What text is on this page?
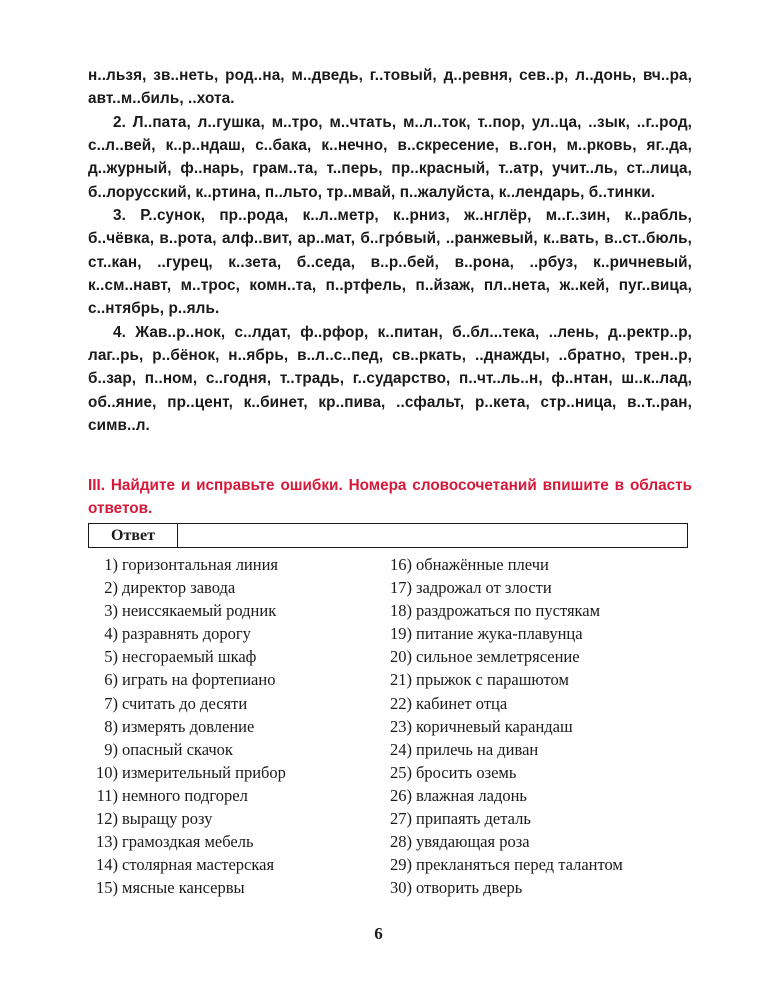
н..льзя, зв..неть, род..на, м..дведь, г..товый, д..ревня, сев..р, л..донь, вч..ра, авт..м..биль, ..хота.

2. Л..пата, л..гушка, м..тро, м..чтать, м..л..ток, т..пор, ул..ца, ..зык, ..г..род, с..л..вей, к..р..ндаш, с..бака, к..нечно, в..скресение, в..гон, м..рковь, яг..да, д..журный, ф..нарь, грам..та, т..перь, пр..красный, т..атр, учит..ль, ст..лица, б..лорусский, к..ртина, п..льто, тр..мвай, п..жалуйста, к..лендарь, б..тинки.

3. Р..сунок, пр..рода, к..л..метр, к..рниз, ж..нглёр, м..г..зин, к..рабль, б..чёвка, в..рота, алф..вит, ар..мат, б..грóвый, ..ранжевый, к..вать, в..ст..бюль, ст..кан, ..гурец, к..зета, б..седа, в..р..бей, в..рона, ..рбуз, к..ричневый, к..см..навт, м..трос, комн..та, п..ртфель, п..йзаж, пл..нета, ж..кей, пуг..вица, с..нтябрь, р..яль.

4. Жав..р..нок, с..лдат, ф..рфор, к..питан, б..бл...тека, ..лень, д..ректр..р, лаг..рь, р..бёнок, н..ябрь, в..л..с..пед, св..ркать, ..днажды, ..братно, трен..р, б..зар, п..ном, с..годня, т..традь, г..сударство, п..чт..ль..н, ф..нтан, ш..к..лад, об..яние, пр..цент, к..бинет, кр..пива, ..сфальт, р..кета, стр..ница, в..т..ран, симв..л.

III. Найдите и исправьте ошибки. Номера словосочетаний впишите в область ответов.
Ответ
1) горизонтальная линия
2) директор завода
3) неиссякаемый родник
4) разравнять дорогу
5) несгораемый шкаф
6) играть на фортепиано
7) считать до десяти
8) измерять довление
9) опасный скачок
10) измерительный прибор
11) немного подгорел
12) выращу розу
13) грамоздкая мебель
14) столярная мастерская
15) мясные кансервы
16) обнажённые плечи
17) задрожал от злости
18) раздрожаться по пустякам
19) питание жука-плавунца
20) сильное землетрясение
21) прыжок с парашютом
22) кабинет отца
23) коричневый карандаш
24) прилечь на диван
25) бросить оземь
26) влажная ладонь
27) припаять деталь
28) увядающая роза
29) прекланяться перед талантом
30) отворить дверь
6
